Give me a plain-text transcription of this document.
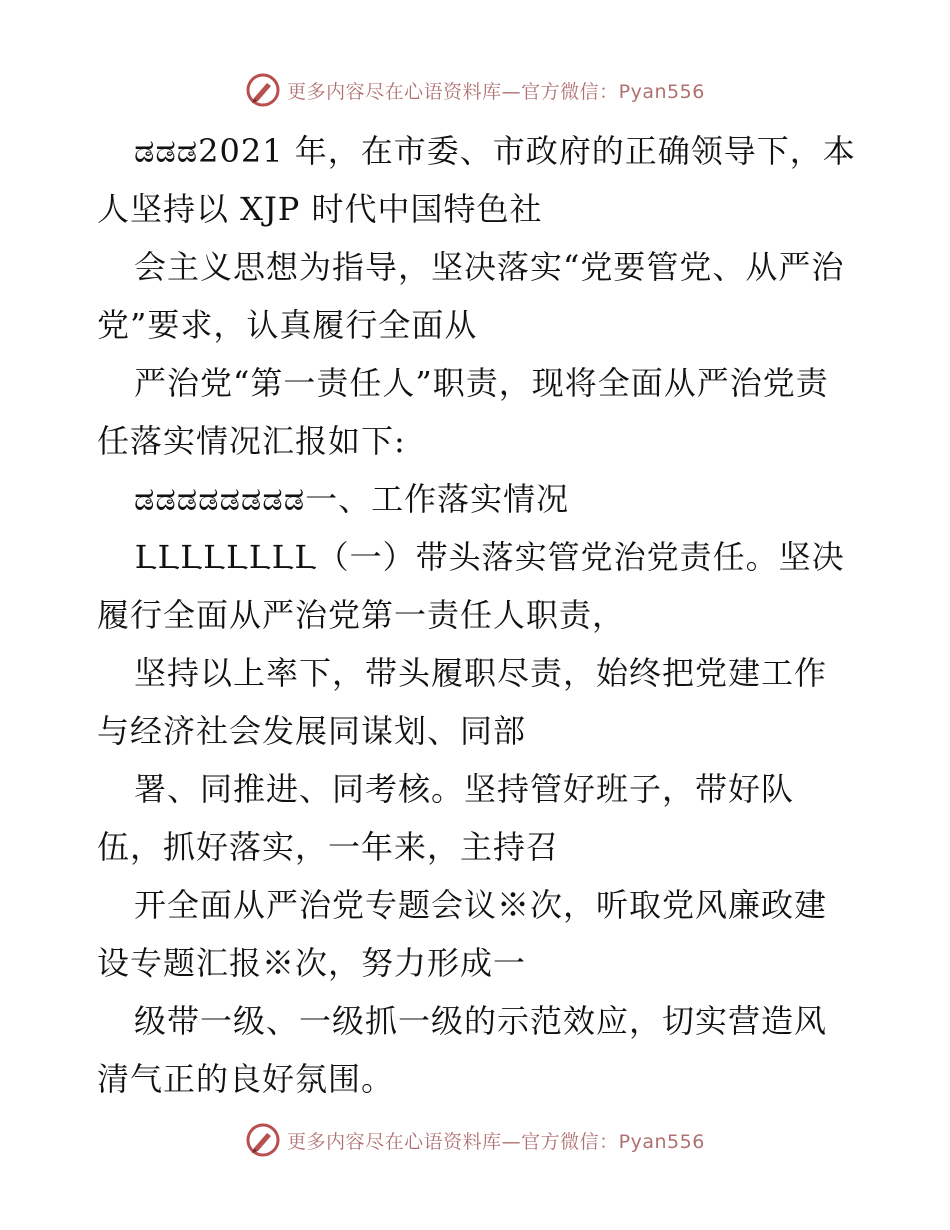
更多内容尽在心语资料库—官方微信：Pyan556

ಡಡಡ2021 年，在市委、市政府的正确领导下，本人坚持以 XJP 时代中国特色社

会主义思想为指导，坚决落实“党要管党、从严治党”要求，认真履行全面从

严治党“第一责任人”职责，现将全面从严治党责任落实情况汇报如下:

ಡಡಡಡಡಡಡಡ一、工作落实情况

ԼԼԼԼԼԼԼԼ（一）带头落实管党治党责任。坚决履行全面从严治党第一责任人职责，

坚持以上率下，带头履职尽责，始终把党建工作与经济社会发展同谋划、同部

署、同推进、同考核。坚持管好班子，带好队伍，抓好落实，一年来，主持召

开全面从严治党专题会议※次，听取党风廉政建设专题汇报※次，努力形成一

级带一级、一级抓一级的示范效应，切实营造风清气正的良好氛围。

更多内容尽在心语资料库—官方微信：Pyan556
